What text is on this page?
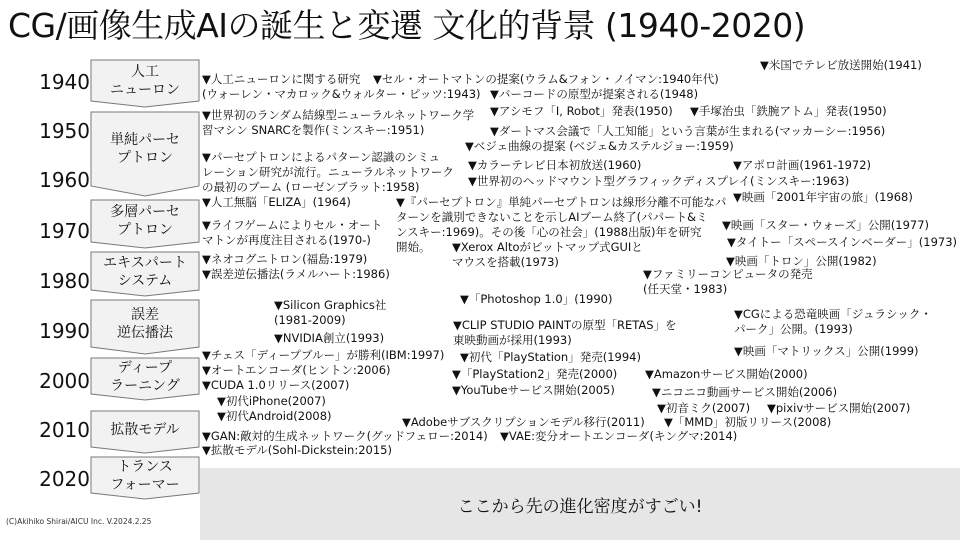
CG/画像生成AIの誕生と変遷 文化的背景 (1940-2020)
1940
1950
1960
1970
1980
1990
2000
2010
2020
人工
ニューロン
単純パーセ
プトロン
多層パーセ
プトロン
エキスパート
システム
誤差
逆伝播法
ディープ
ラーニング
拡散モデル
トランス
フォーマー
▼米国でテレビ放送開始(1941)
▼人工ニューロンに関する研究
(ウォーレン・マカロック&ウォルター・ピッツ:1943)
▼セル・オートマトンの提案(ウラム&フォン・ノイマン:1940年代)
▼バーコードの原型が提案される(1948)
▼アシモフ「I, Robot」発表(1950) ▼手塚治虫「鉄腕アトム」発表(1950)
▼世界初のランダム結線型ニューラルネットワーク学
習マシン SNARCを製作(ミンスキー:1951)	▼ダートマス会議で「人工知能」という言葉が生まれる(マッカーシー:1956)
▼ベジェ曲線の提案 (ベジェ&カステルジョー:1959)
▼パーセプトロンによるパターン認識のシミュ
レーション研究が流行。ニューラルネットワーク
の最初のブーム (ローゼンブラット:1958)
▼カラーテレビ日本初放送(1960)	▼アポロ計画(1961-1972)
▼世界初のヘッドマウント型グラフィックディスプレイ(ミンスキー:1963)
▼映画「2001年宇宙の旅」(1968)
▼人工無脳「ELIZA」(1964)	▼『パーセプトロン』単純パーセプトロンは線形分離不可能なパ
ターンを識別できないことを示しAIブーム終了(パパート&ミ
ンスキー:1969)。その後「心の社会」(1988出版)年を研究
開始。
▼ライフゲームによりセル・オート
マトンが再度注目される(1970-)
▼映画「スター・ウォーズ」公開(1977)
▼タイトー「スペースインベーダー」(1973)
▼Xerox Altoがビットマップ式GUIと
マウスを搭載(1973)
▼ネオコグニトロン(福島:1979)	▼映画「トロン」公開(1982)
▼誤差逆伝播法(ラメルハート:1986)	▼ファミリーコンピュータの発売
(任天堂・1983)
▼Silicon Graphics社
(1981-2009)
▼「Photoshop 1.0」(1990)
▼CGによる恐竜映画「ジュラシック・
パーク」公開。(1993)
▼NVIDIA創立(1993)
▼CLIP STUDIO PAINTの原型「RETAS」を
東映動画が採用(1993)
▼映画「マトリックス」公開(1999)
▼チェス「ディープブルー」が勝利(IBM:1997) ▼初代「PlayStation」発売(1994)
▼オートエンコーダ(ヒントン:2006)	▼「PlayStation2」発売(2000) ▼Amazonサービス開始(2000)
▼CUDA 1.0リリース(2007)	▼YouTubeサービス開始(2005)	▼ニコニコ動画サービス開始(2006)
▼初代iPhone(2007)	▼初音ミク(2007) ▼pixivサービス開始(2007)
▼初代Android(2008)	▼Adobeサブスクリプションモデル移行(2011) ▼「MMD」初版リリース(2008)
▼GAN:敵対的生成ネットワーク(グッドフェロー:2014) ▼VAE:変分オートエンコーダ(キングマ:2014)
▼拡散モデル(Sohl-Dickstein:2015)
ここから先の進化密度がすごい!
(C)Akihiko Shirai/AICU Inc. V.2024.2.25
